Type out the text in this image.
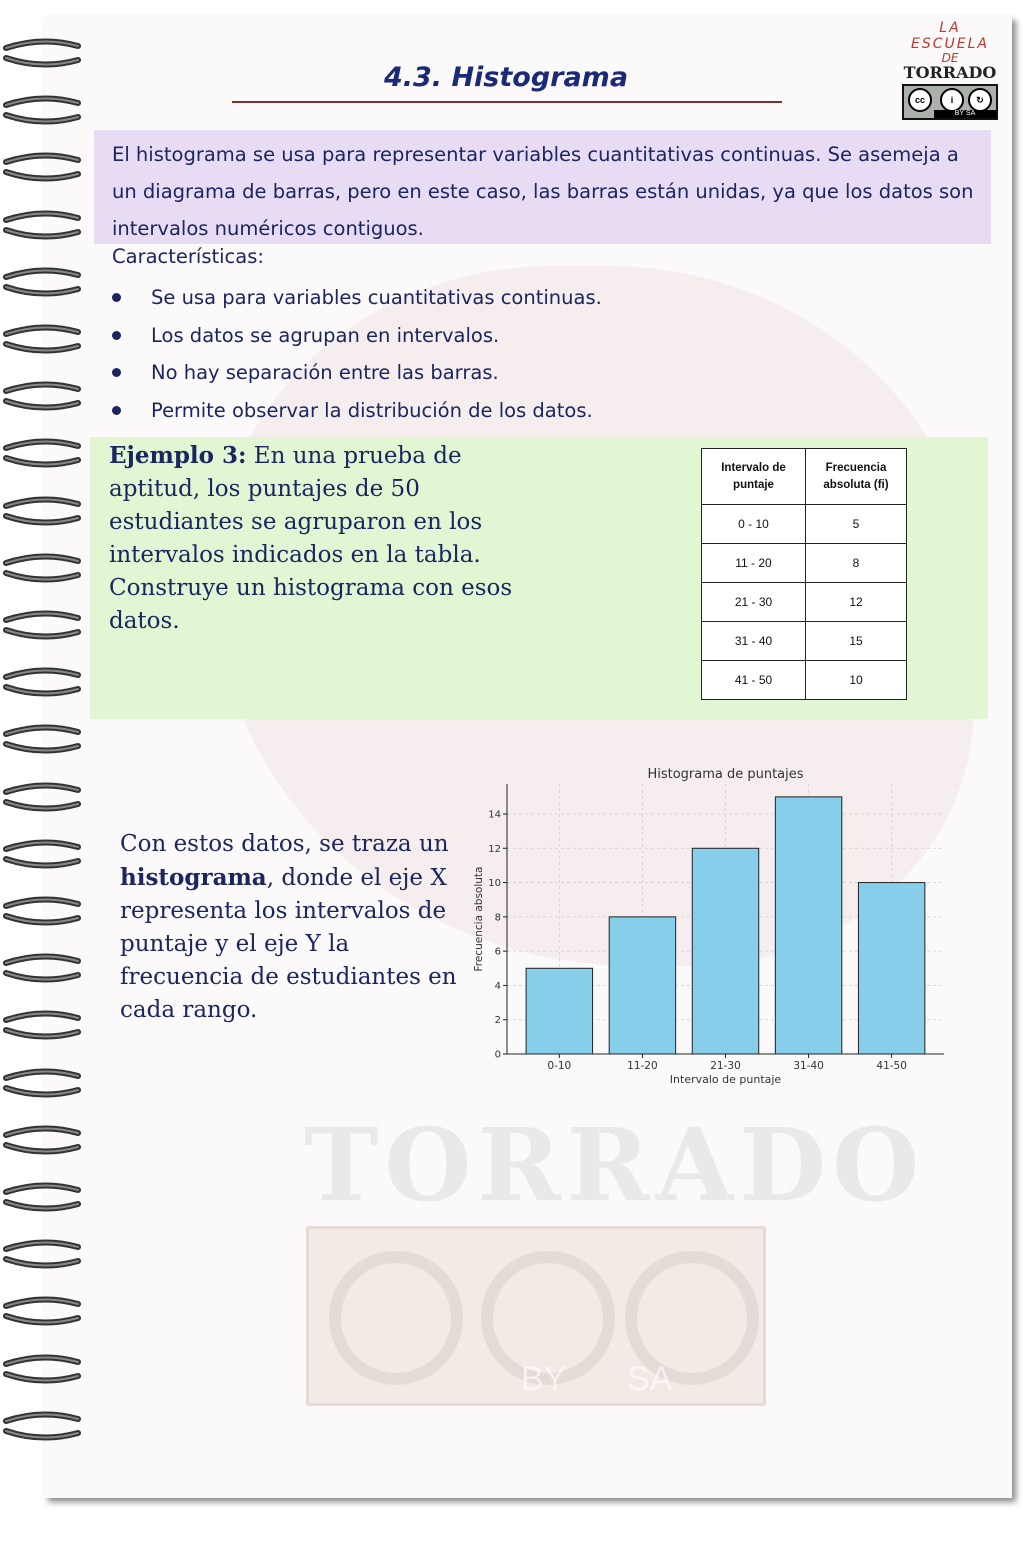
TORRADO
BY SA
4.3. Histograma
LA ESCUELA
DE
TORRADO
cc	i	↻
BY SA

El histograma se usa para representar variables cuantitativas continuas. Se asemeja a un diagrama de barras, pero en este caso, las barras están unidas, ya que los datos son intervalos numéricos contiguos.

Características:
Se usa para variables cuantitativas continuas.
Los datos se agrupan en intervalos.
No hay separación entre las barras.
Permite observar la distribución de los datos.
Ejemplo 3: En una prueba de aptitud, los puntajes de 50 estudiantes se agruparon en los intervalos indicados en la tabla. Construye un histograma con esos datos.
Intervalo de puntaje	Frecuencia absoluta (fi)
0 - 10	5
11 - 20	8
21 - 30	12
31 - 40	15
41 - 50	10
Con estos datos, se traza un histograma, donde el eje X representa los intervalos de puntaje y el eje Y la frecuencia de estudiantes en cada rango.
0
2
4
6
8
10
12
14
0-10	11-20	21-30	31-40	41-50
Histograma de puntajes
Intervalo de puntaje
Frecuencia absoluta
